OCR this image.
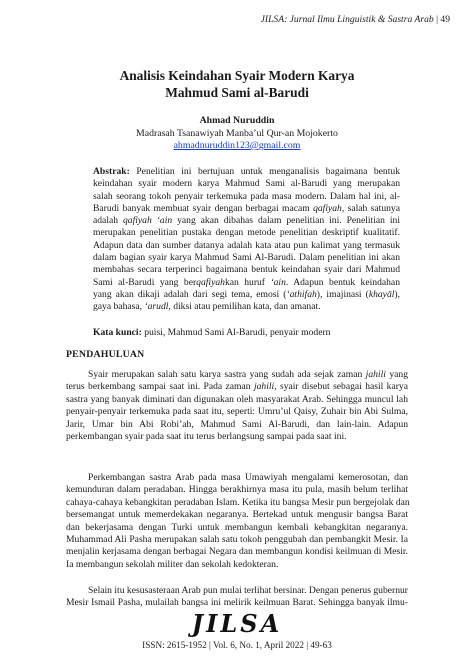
JILSA: Jurnal Ilmu Linguistik & Sastra Arab | 49
Analisis Keindahan Syair Modern Karya
Mahmud Sami al-Barudi
Ahmad Nuruddin
Madrasah Tsanawiyah Manba’ul Qur-an Mojokerto
ahmadnuruddin123@gmail.com
Abstrak: Penelitian ini bertujuan untuk menganalisis bagaimana bentuk
keindahan syair modern karya Mahmud Sami al-Barudi yang merupakan
salah seorang tokoh penyair terkemuka pada masa modern. Dalam hal ini, al-
Barudi banyak membuat syair dengan berbagai macam qafiyah, salah satunya
adalah qafiyah ‘ain yang akan dibahas dalam penelitian ini. Penelitian ini
merupakan penelitian pustaka dengan metode penelitian deskriptif kualitatif.
Adapun data dan sumber datanya adalah kata atau pun kalimat yang termasuk
dalam bagian syair karya Mahmud Sami Al-Barudi. Dalam penelitian ini akan
membahas secara terperinci bagaimana bentuk keindahan syair dari Mahmud
Sami al-Barudi yang berqafiyahkan huruf ‘ain. Adapun bentuk keindahan
yang akan dikaji adalah dari segi tema, emosi (‘athifah), imajinasi (khayāl),
gaya bahasa, ‘arudl, diksi atau pemilihan kata, dan amanat.
Kata kunci: puisi, Mahmud Sami Al-Barudi, penyair modern
PENDAHULUAN
Syair merupakan salah satu karya sastra yang sudah ada sejak zaman jahili yang
terus berkembang sampai saat ini. Pada zaman jahili, syair disebut sebagai hasil karya
sastra yang banyak diminati dan digunakan oleh masyarakat Arab. Sehingga muncul lah
penyair-penyair terkemuka pada saat itu, seperti: Umru’ul Qaisy, Zuhair bin Abi Sulma,
Jarir, Umar bin Abi Robi’ah, Mahmud Sami Al-Barudi, dan lain-lain. Adapun
perkembangan syair pada saat itu terus berlangsung sampai pada saat ini.
Perkembangan sastra Arab pada masa Umawiyah mengalami kemerosotan, dan
kemunduran dalam peradaban. Hingga berakhirnya masa itu pula, masih belum terlihat
cahaya-cahaya kebangkitan peradaban Islam. Ketika itu bangsa Mesir pun bergejolak dan
bersemangat untuk memerdekakan negaranya. Bertekad untuk mengusir bangsa Barat
dan bekerjasama dengan Turki untuk membangun kembali kebangkitan negaranya.
Muhammad Ali Pasha merupakan salah satu tokoh penggubah dan pembangkit Mesir. Ia
menjalin kerjasama dengan berbagai Negara dan membangun kondisi keilmuan di Mesir.
Ia membangun sekolah militer dan sekolah kedokteran.
Selain itu kesusasteraan Arab pun mulai terlihat bersinar. Dengan penerus gubernur
Mesir Ismail Pasha, mulailah bangsa ini melirik keilmuan Barat. Sehingga banyak ilmu-
JILSA
ISSN: 2615-1952 | Vol. 6, No. 1, April 2022 | 49-63
